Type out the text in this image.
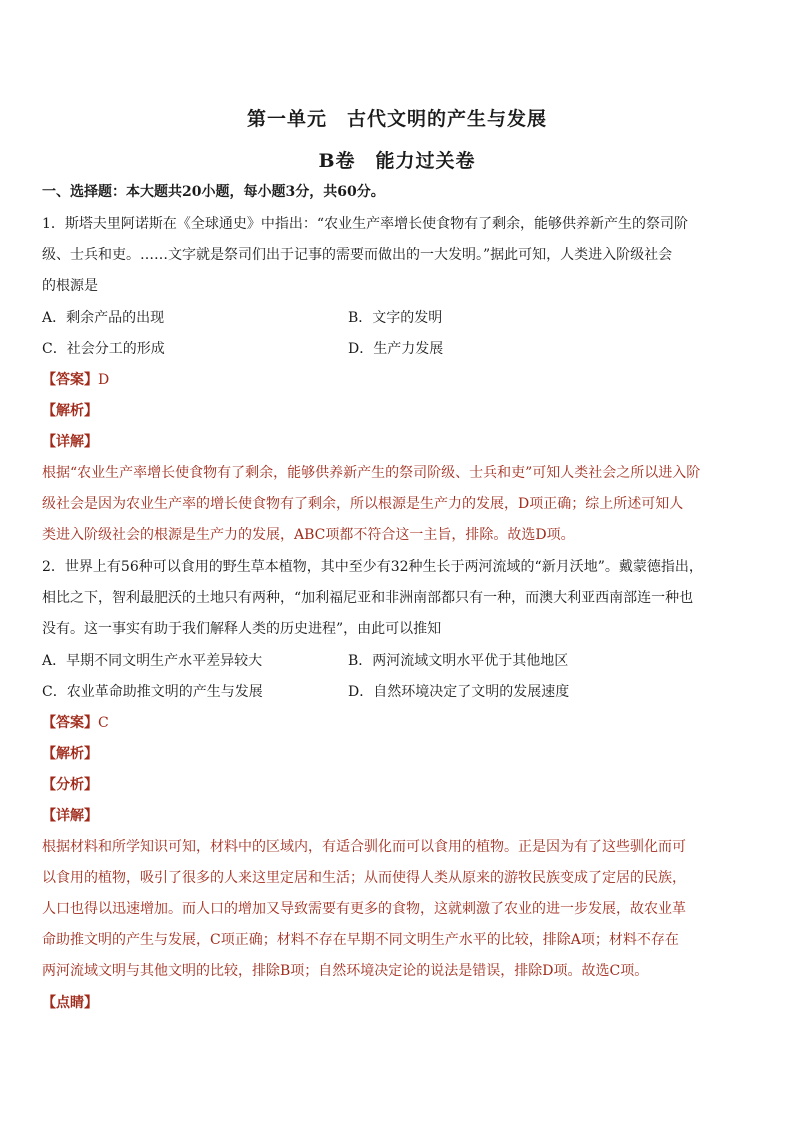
第一单元　古代文明的产生与发展
B卷　能力过关卷
一、选择题：本大题共20小题，每小题3分，共60分。
1．斯塔夫里阿诺斯在《全球通史》中指出：“农业生产率增长使食物有了剩余，能够供养新产生的祭司阶
级、士兵和吏。……文字就是祭司们出于记事的需要而做出的一大发明。”据此可知，人类进入阶级社会
的根源是
A．剩余产品的出现	B．文字的发明
C．社会分工的形成	D．生产力发展
【答案】D
【解析】
【详解】
根据“农业生产率增长使食物有了剩余，能够供养新产生的祭司阶级、士兵和吏”可知人类社会之所以进入阶
级社会是因为农业生产率的增长使食物有了剩余，所以根源是生产力的发展，D项正确；综上所述可知人
类进入阶级社会的根源是生产力的发展，ABC项都不符合这一主旨，排除。故选D项。
2．世界上有56种可以食用的野生草本植物，其中至少有32种生长于两河流域的“新月沃地”。戴蒙德指出，
相比之下，智利最肥沃的土地只有两种，“加利福尼亚和非洲南部都只有一种，而澳大利亚西南部连一种也
没有。这一事实有助于我们解释人类的历史进程”，由此可以推知
A．早期不同文明生产水平差异较大	B．两河流域文明水平优于其他地区
C．农业革命助推文明的产生与发展	D．自然环境决定了文明的发展速度
【答案】C
【解析】
【分析】
【详解】
根据材料和所学知识可知，材料中的区域内，有适合驯化而可以食用的植物。正是因为有了这些驯化而可
以食用的植物，吸引了很多的人来这里定居和生活；从而使得人类从原来的游牧民族变成了定居的民族，
人口也得以迅速增加。而人口的增加又导致需要有更多的食物，这就刺激了农业的进一步发展，故农业革
命助推文明的产生与发展，C项正确；材料不存在早期不同文明生产水平的比较，排除A项；材料不存在
两河流域文明与其他文明的比较，排除B项；自然环境决定论的说法是错误，排除D项。故选C项。
【点睛】
